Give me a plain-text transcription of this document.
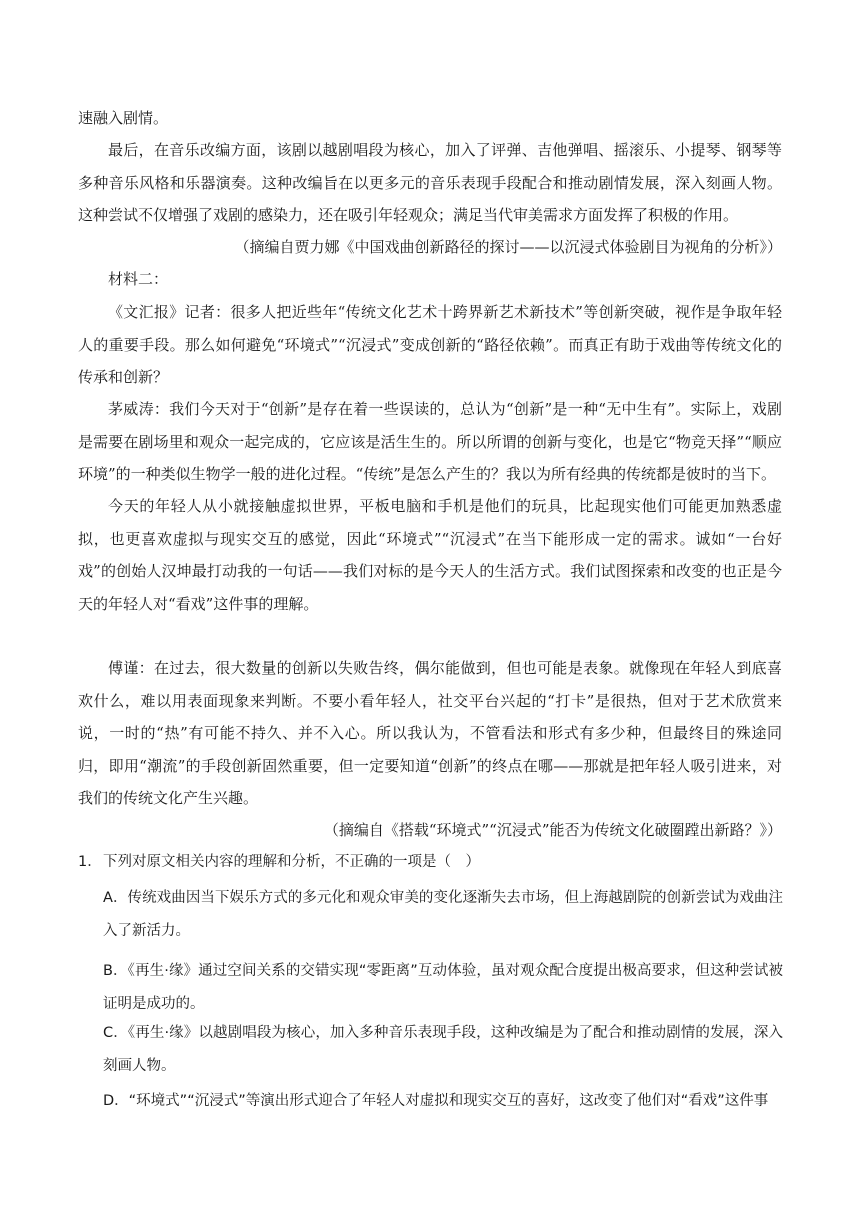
速融入剧情。

最后，在音乐改编方面，该剧以越剧唱段为核心，加入了评弹、吉他弹唱、摇滚乐、小提琴、钢琴等多种音乐风格和乐器演奏。这种改编旨在以更多元的音乐表现手段配合和推动剧情发展，深入刻画人物。这种尝试不仅增强了戏剧的感染力，还在吸引年轻观众；满足当代审美需求方面发挥了积极的作用。

（摘编自贾力娜《中国戏曲创新路径的探讨——以沉浸式体验剧目为视角的分析》）

材料二：

《文汇报》记者：很多人把近些年“传统文化艺术十跨界新艺术新技术”等创新突破，视作是争取年轻人的重要手段。那么如何避免“环境式”“沉浸式”变成创新的“路径依赖”。而真正有助于戏曲等传统文化的传承和创新？

茅威涛：我们今天对于“创新”是存在着一些误读的，总认为“创新”是一种“无中生有”。实际上，戏剧是需要在剧场里和观众一起完成的，它应该是活生生的。所以所谓的创新与变化，也是它“物竞天择”“顺应环境”的一种类似生物学一般的进化过程。“传统”是怎么产生的？我以为所有经典的传统都是彼时的当下。

今天的年轻人从小就接触虚拟世界，平板电脑和手机是他们的玩具，比起现实他们可能更加熟悉虚拟，也更喜欢虚拟与现实交互的感觉，因此“环境式”“沉浸式”在当下能形成一定的需求。诚如“一台好戏”的创始人汉坤最打动我的一句话——我们对标的是今天人的生活方式。我们试图探索和改变的也正是今天的年轻人对“看戏”这件事的理解。

傅谨：在过去，很大数量的创新以失败告终，偶尔能做到，但也可能是表象。就像现在年轻人到底喜欢什么，难以用表面现象来判断。不要小看年轻人，社交平台兴起的“打卡”是很热，但对于艺术欣赏来说，一时的“热”有可能不持久、并不入心。所以我认为，不管看法和形式有多少种，但最终目的殊途同归，即用“潮流”的手段创新固然重要，但一定要知道“创新”的终点在哪——那就是把年轻人吸引进来，对我们的传统文化产生兴趣。

（摘编自《搭载“环境式”“沉浸式”能否为传统文化破圈蹚出新路？》）

1． 下列对原文相关内容的理解和分析，不正确的一项是（　）

A．传统戏曲因当下娱乐方式的多元化和观众审美的变化逐渐失去市场，但上海越剧院的创新尝试为戏曲注入了新活力。

B．《再生·缘》通过空间关系的交错实现“零距离”互动体验，虽对观众配合度提出极高要求，但这种尝试被证明是成功的。

C．《再生·缘》以越剧唱段为核心，加入多种音乐表现手段，这种改编是为了配合和推动剧情的发展，深入刻画人物。

D．“环境式”“沉浸式”等演出形式迎合了年轻人对虚拟和现实交互的喜好，这改变了他们对“看戏”这件事
